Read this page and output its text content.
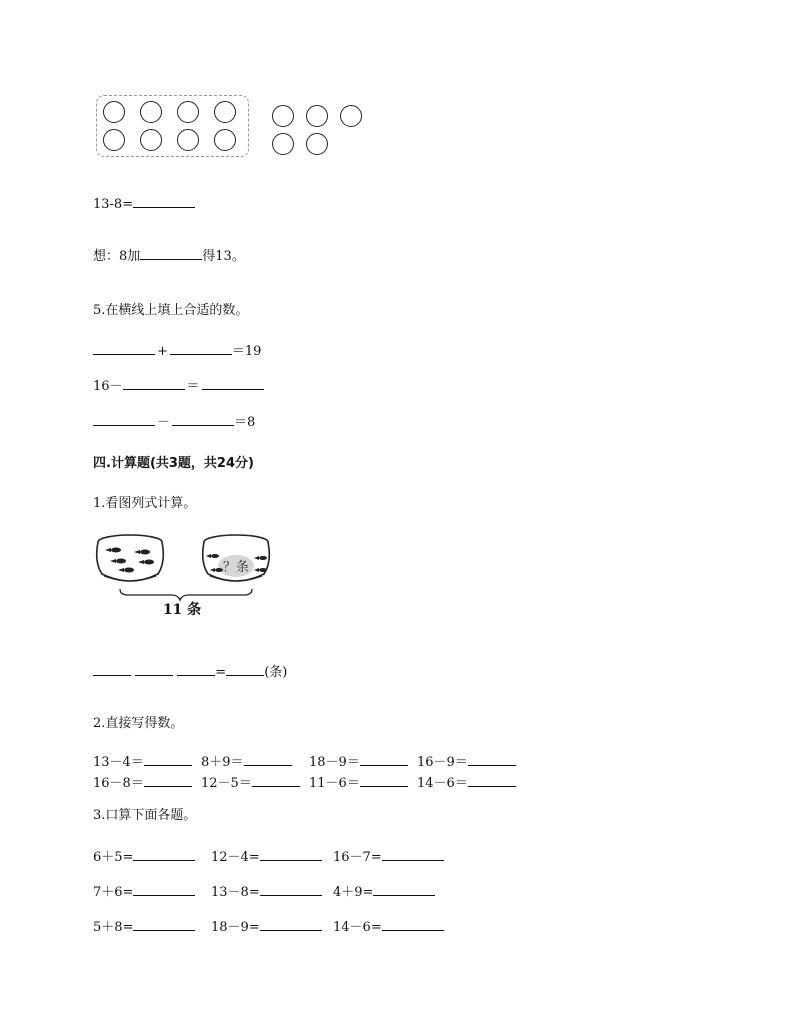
13-8=
想：8加	得13。
5.在横线上填上合适的数。
+	＝19
16－	＝
－	＝8
四.计算题(共3题，共24分)
1.看图列式计算。
？条
11 条
=	(条)
2.直接写得数。
13－4＝	8＋9＝	18－9＝	16－9＝
16－8＝	12－5＝	11－6＝	14－6＝
3.口算下面各题。
6＋5=	12－4=	16－7=
7＋6=	13－8=	4＋9=
5＋8=	18－9=	14－6=
